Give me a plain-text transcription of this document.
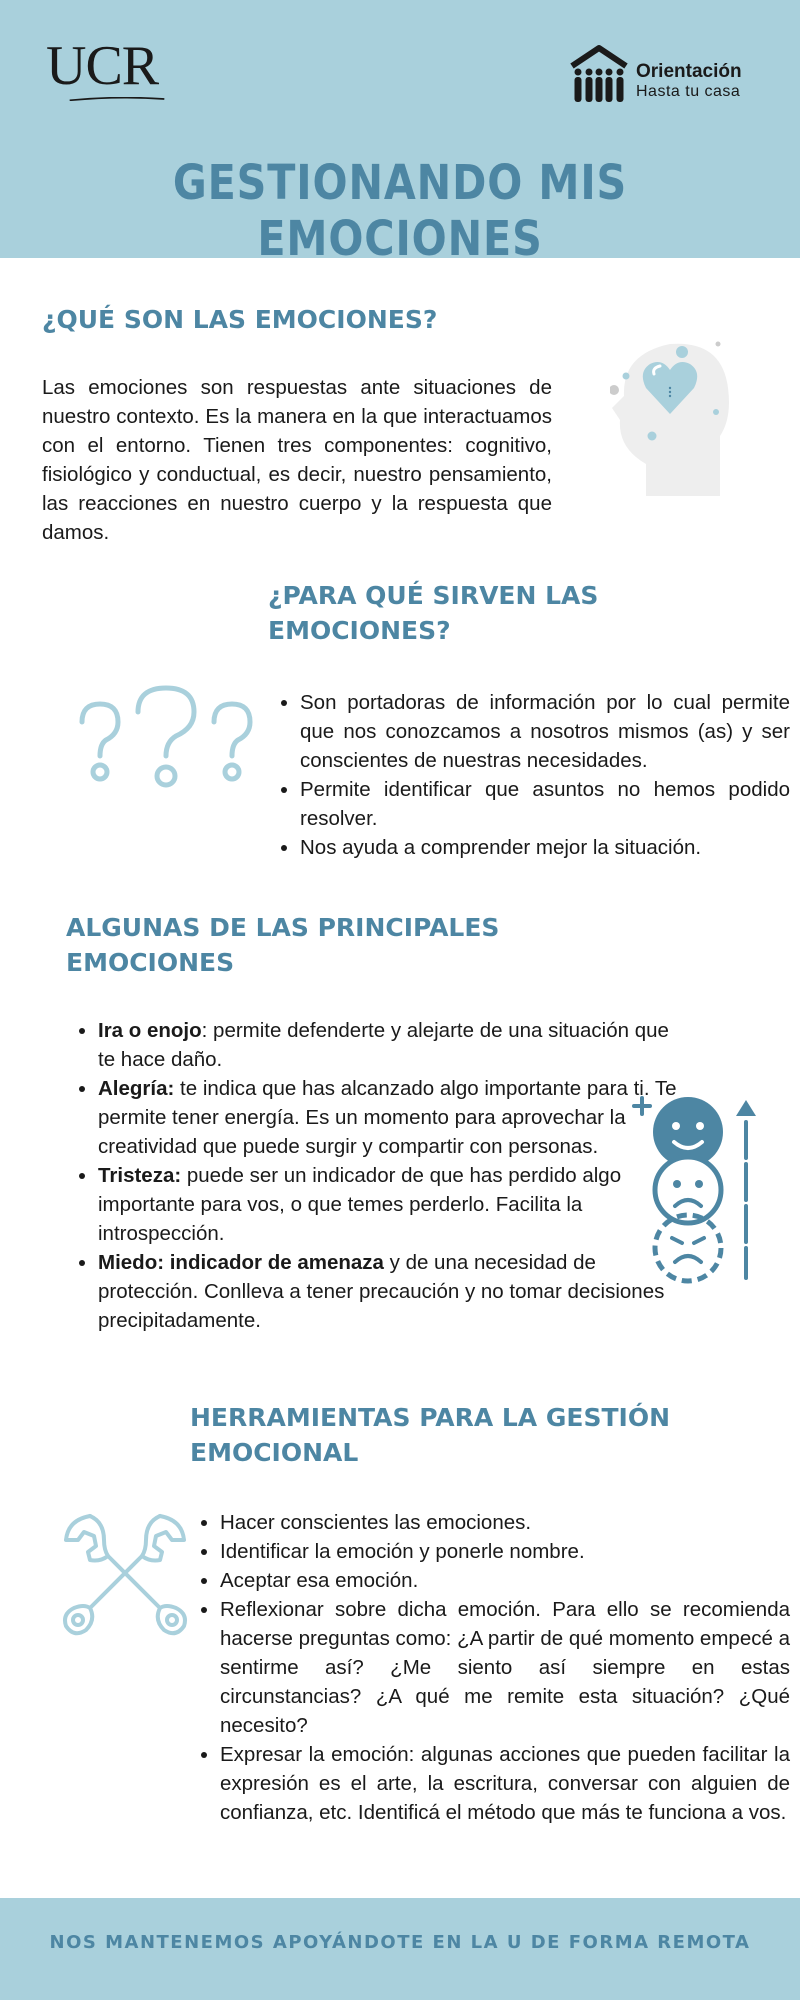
UCR	Orientación
Hasta tu casa
GESTIONANDO MIS EMOCIONES
¿QUÉ SON LAS EMOCIONES?
Las emociones son respuestas ante situaciones de nuestro contexto. Es la manera en la que interactuamos con el entorno. Tienen tres componentes: cognitivo, fisiológico y conductual, es decir, nuestro pensamiento, las reacciones en nuestro cuerpo y la respuesta que damos.
¿PARA QUÉ SIRVEN LAS
EMOCIONES?
• Son portadoras de información por lo cual permite que nos conozcamos a nosotros mismos (as) y ser conscientes de nuestras necesidades.
• Permite identificar que asuntos no hemos podido resolver.
• Nos ayuda a comprender mejor la situación.
ALGUNAS DE LAS PRINCIPALES
EMOCIONES
• Ira o enojo: permite defenderte y alejarte de una situación que te hace daño.
• Alegría: te indica que has alcanzado algo importante para ti. Te permite tener energía. Es un momento para aprovechar la creatividad que puede surgir y compartir con personas.
• Tristeza: puede ser un indicador de que has perdido algo importante para vos, o que temes perderlo. Facilita la introspección.
• Miedo: indicador de amenaza y de una necesidad de protección. Conlleva a tener precaución y no tomar decisiones precipitadamente.
HERRAMIENTAS PARA LA GESTIÓN
EMOCIONAL
• Hacer conscientes las emociones.
• Identificar la emoción y ponerle nombre.
• Aceptar esa emoción.
• Reflexionar sobre dicha emoción. Para ello se recomienda hacerse preguntas como: ¿A partir de qué momento empecé a sentirme así? ¿Me siento así siempre en estas circunstancias? ¿A qué me remite esta situación? ¿Qué necesito?
• Expresar la emoción: algunas acciones que pueden facilitar la expresión es el arte, la escritura, conversar con alguien de confianza, etc. Identificá el método que más te funciona a vos.
NOS MANTENEMOS APOYÁNDOTE EN LA U DE FORMA REMOTA
